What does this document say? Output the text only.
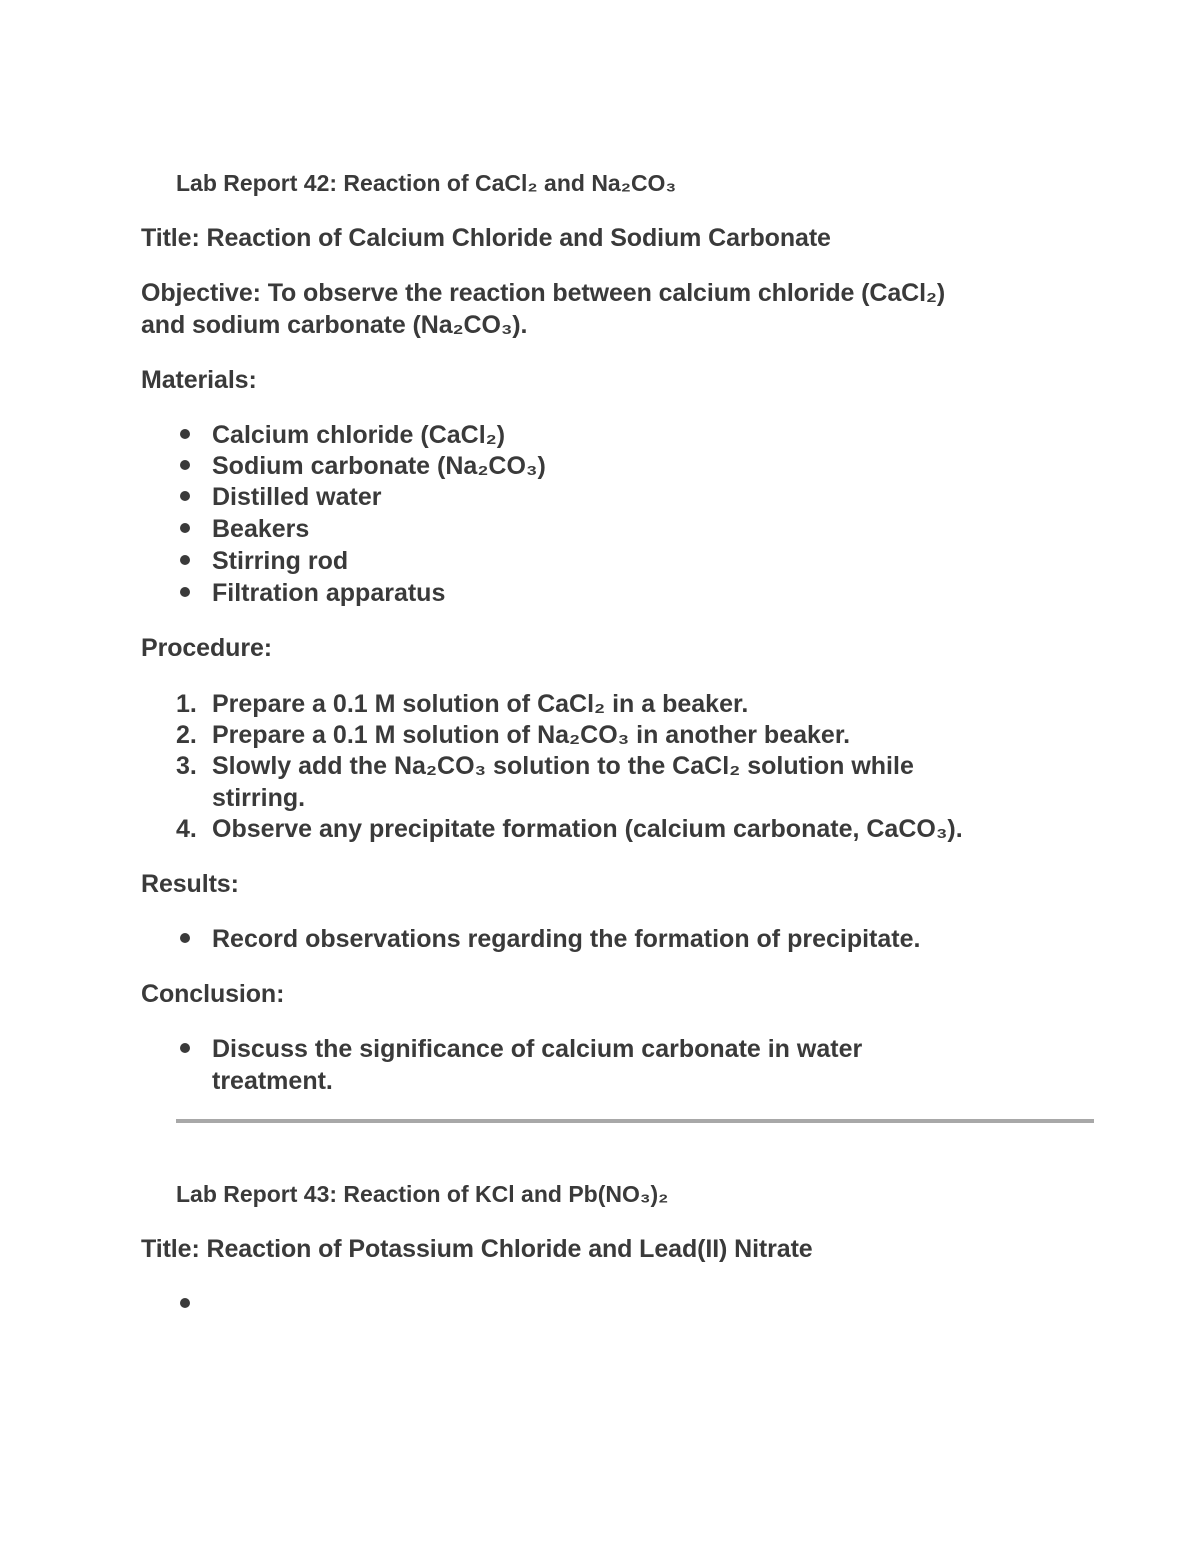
Lab Report 42: Reaction of CaCl₂ and Na₂CO₃
Title: Reaction of Calcium Chloride and Sodium Carbonate
Objective: To observe the reaction between calcium chloride (CaCl₂)
and sodium carbonate (Na₂CO₃).
Materials:
Calcium chloride (CaCl₂)
Sodium carbonate (Na₂CO₃)
Distilled water
Beakers
Stirring rod
Filtration apparatus
Procedure:
1. Prepare a 0.1 M solution of CaCl₂ in a beaker.
2. Prepare a 0.1 M solution of Na₂CO₃ in another beaker.
3. Slowly add the Na₂CO₃ solution to the CaCl₂ solution while
stirring.
4. Observe any precipitate formation (calcium carbonate, CaCO₃).
Results:
Record observations regarding the formation of precipitate.
Conclusion:
Discuss the significance of calcium carbonate in water
treatment.
Lab Report 43: Reaction of KCl and Pb(NO₃)₂
Title: Reaction of Potassium Chloride and Lead(II) Nitrate
